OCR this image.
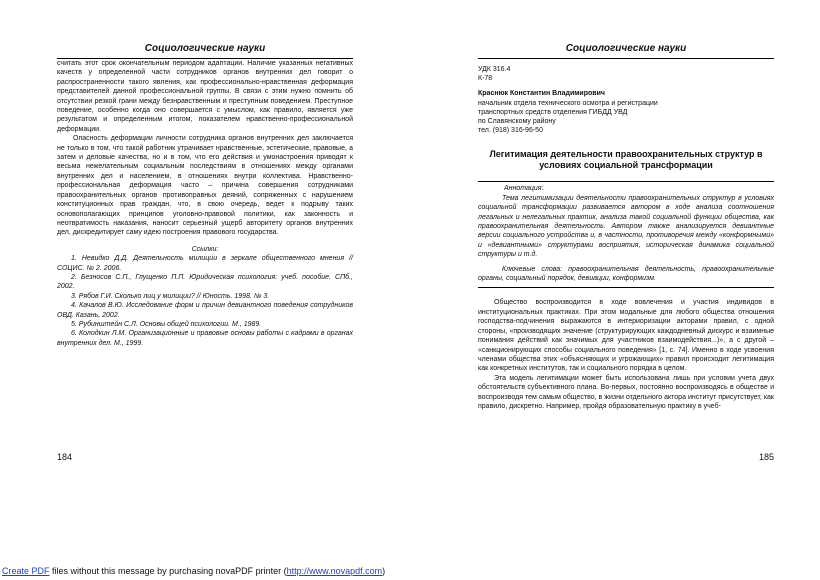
Социологические науки

считать этот срок окончательным периодом адаптации. Наличие указанных негативных качеств у определенной части сотрудников органов внутренних дел говорит о распространенности такого явления, как профессионально-нравственная деформация представителей данной профессиональной группы. В связи с этим нужно помнить об отсутствии резкой грани между безнравственным и преступным поведением. Преступное поведение, особенно когда оно совершается с умыслом, как правило, является уже результатом и определенным итогом, показателем нравственно-профессиональной деформации.

Опасность деформации личности сотрудника органов внутренних дел заключается не только в том, что такой работник утрачивает нравственные, эстетические, правовые, а затем и деловые качества, но и в том, что его действия и умонастроения приводят к весьма нежелательным социальным последствиям в отношениях между органами внутренних дел и населением, в отношениях внутри коллектива. Нравственно-профессиональная деформация часто – причина совершения сотрудниками правоохранительных органов противоправных деяний, сопряженных с нарушением конституционных прав граждан, что, в свою очередь, ведет к подрыву таких основополагающих принципов уголовно-правовой политики, как законность и неотвратимость наказания, наносит серьезный ущерб авторитету органов внутренних дел, дискредитирует саму идею построения правового государства.

Ссылки:

1. Невидко Д.Д. Деятельность милиции в зеркале общественного мнения // СОЦИС. № 2. 2006.

2. Безносов С.П., Глущенко П.П. Юридическая психология: учеб. пособие. СПб., 2002.

3. Рябов Г.И. Сколько лиц у милиции? // Юность. 1998. № 3.

4. Качалов В.Ю. Исследование форм и причин девиантного поведения сотрудников ОВД. Казань, 2002.

5. Рубинштейн С.Л. Основы общей психологии. М., 1989.

6. Колодкин Л.М. Организационные и правовые основы работы с кадрами в органах внутренних дел. М., 1999.

184
Социологические науки
УДК 316.4
К-78
Краснюк Константин Владимирович
начальник отдела технического осмотра и регистрации
транспортных средств отделения ГИБДД УВД
по Славянскому району
тел. (918) 316-96-50
Легитимация деятельности правоохранительных структур в условиях социальной трансформации
Аннотация:

Тема легитимизации деятельности правоохранительных структур в условиях социальной трансформации развивается автором в ходе анализа соотношения легальных и нелегальных практик, анализа такой социальной функции общества, как правоохранительная деятельность. Автором также анализируется девиантные версии социального устройства и, в частности, противоречия между «конформными» и «девиантными» структурами восприятия, историческая динамика социальной структуры и т.д.

Ключевые слова: правоохранительная деятельность, правоохранительные органы, социальный порядок, девиации, конформизм.

Общество воспроизводится в ходе вовлечения и участия индивидов в институциональных практиках. При этом модальные для любого общества отношения господства-подчинения выражаются в интериоризации акторами правил, с одной стороны, «производящих значение (структурирующих каждодневный дискурс и взаимные понимания действий как значимых для участников взаимодействия...)», а с другой – «санкционирующих способы социального поведения» [1, с. 74]. Именно в ходе усвоения членами общества этих «объясняющих и угрожающих» правил происходит легитимация как конкретных институтов, так и социального порядка в целом.

Эта модель легитимации может быть использована лишь при условии учета двух обстоятельств субъективного плана. Во-первых, постоянно воспроизводясь в обществе и воспроизводя тем самым общество, в жизни отдельного актора институт присутствует, как правило, дискретно. Например, пройдя образовательную практику в учеб-

185
Create PDF files without this message by purchasing novaPDF printer (http://www.novapdf.com)
